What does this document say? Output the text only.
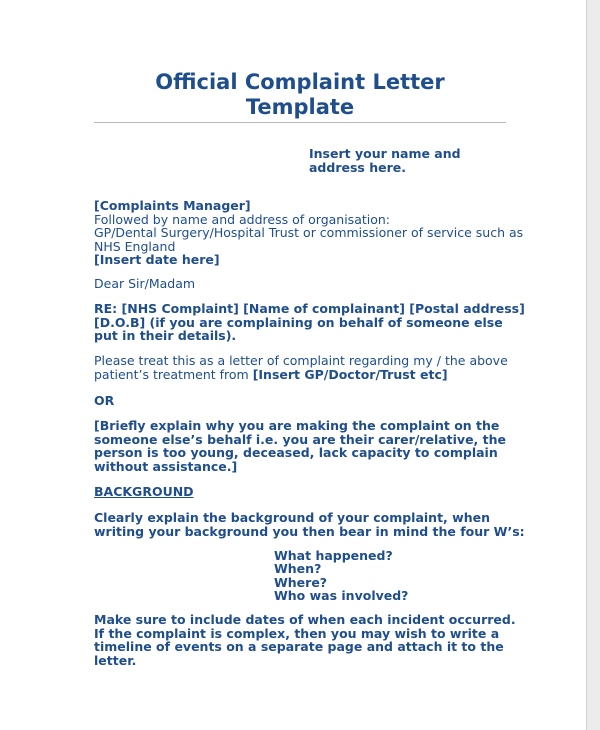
Official Complaint Letter
Template
Insert your name and
address here.
[Complaints Manager]
Followed by name and address of organisation:
GP/Dental Surgery/Hospital Trust or commissioner of service such as
NHS England
[Insert date here]
Dear Sir/Madam
RE: [NHS Complaint] [Name of complainant] [Postal address]
[D.O.B] (if you are complaining on behalf of someone else
put in their details).
Please treat this as a letter of complaint regarding my / the above
patient’s treatment from [Insert GP/Doctor/Trust etc]
OR
[Briefly explain why you are making the complaint on the
someone else’s behalf i.e. you are their carer/relative, the
person is too young, deceased, lack capacity to complain
without assistance.]
BACKGROUND
Clearly explain the background of your complaint, when
writing your background you then bear in mind the four W’s:
What happened?
When?
Where?
Who was involved?
Make sure to include dates of when each incident occurred.
If the complaint is complex, then you may wish to write a
timeline of events on a separate page and attach it to the
letter.
